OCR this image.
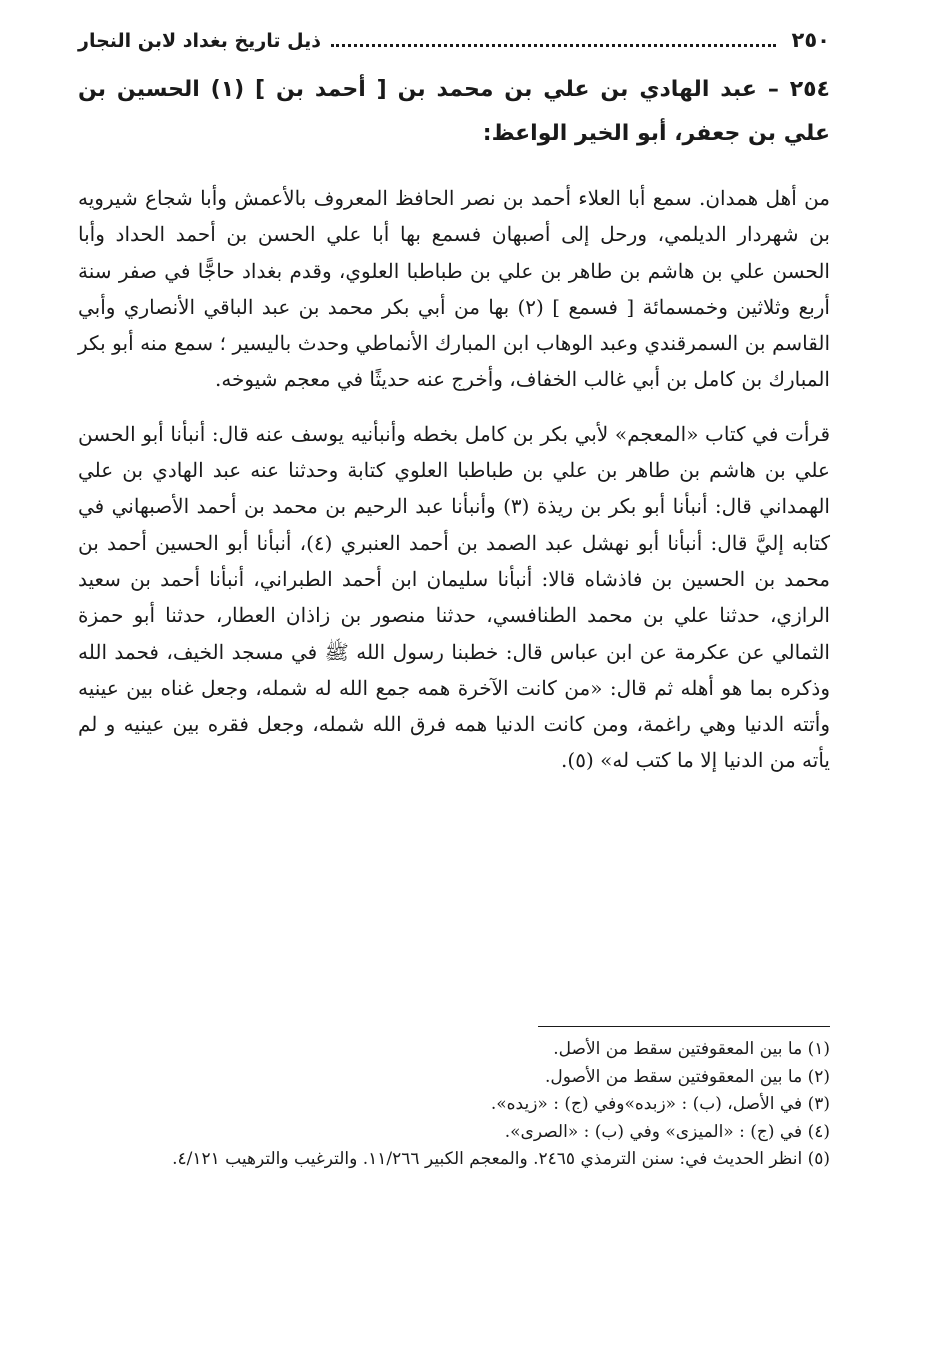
٢٥٠
ذيل تاريخ بغداد لابن النجار
٢٥٤ – عبد الهادي بن علي بن محمد بن [ أحمد بن ] (١) الحسين بن علي بن جعفر، أبو الخير الواعظ:

من أهل همدان. سمع أبا العلاء أحمد بن نصر الحافظ المعروف بالأعمش وأبا شجاع شيرويه بن شهردار الديلمي، ورحل إلى أصبهان فسمع بها أبا علي الحسن بن أحمد الحداد وأبا الحسن علي بن هاشم بن طاهر بن علي بن طباطبا العلوي، وقدم بغداد حاجًّا في صفر سنة أربع وثلاثين وخمسمائة [ فسمع ] (٢) بها من أبي بكر محمد بن عبد الباقي الأنصاري وأبي القاسم بن السمرقندي وعبد الوهاب ابن المبارك الأنماطي وحدث باليسير ؛ سمع منه أبو بكر المبارك بن كامل بن أبي غالب الخفاف، وأخرج عنه حديثًا في معجم شيوخه.

قرأت في كتاب «المعجم» لأبي بكر بن كامل بخطه وأنبأنيه يوسف عنه قال: أنبأنا أبو الحسن علي بن هاشم بن طاهر بن علي بن طباطبا العلوي كتابة وحدثنا عنه عبد الهادي بن علي الهمداني قال: أنبأنا أبو بكر بن ريذة (٣) وأنبأنا عبد الرحيم بن محمد بن أحمد الأصبهاني في كتابه إليَّ قال: أنبأنا أبو نهشل عبد الصمد بن أحمد العنبري (٤)، أنبأنا أبو الحسين أحمد بن محمد بن الحسين بن فاذشاه قالا: أنبأنا سليمان ابن أحمد الطبراني، أنبأنا أحمد بن سعيد الرازي، حدثنا علي بن محمد الطنافسي، حدثنا منصور بن زاذان العطار، حدثنا أبو حمزة الثمالي عن عكرمة عن ابن عباس قال: خطبنا رسول الله ﷺ في مسجد الخيف، فحمد الله وذكره بما هو أهله ثم قال: «من كانت الآخرة همه جمع الله له شمله، وجعل غناه بين عينيه وأتته الدنيا وهي راغمة، ومن كانت الدنيا همه فرق الله شمله، وجعل فقره بين عينيه و لم يأته من الدنيا إلا ما كتب له» (٥).

(١) ما بين المعقوفتين سقط من الأصل.

(٢) ما بين المعقوفتين سقط من الأصول.

(٣) في الأصل، (ب) : «زبده»وفي (ج) : «زيده».

(٤) في (ج) : «الميزى» وفي (ب) : «الصرى».

(٥) انظر الحديث في: سنن الترمذي ٢٤٦٥. والمعجم الكبير ١١/٢٦٦. والترغيب والترهيب ٤/١٢١.
